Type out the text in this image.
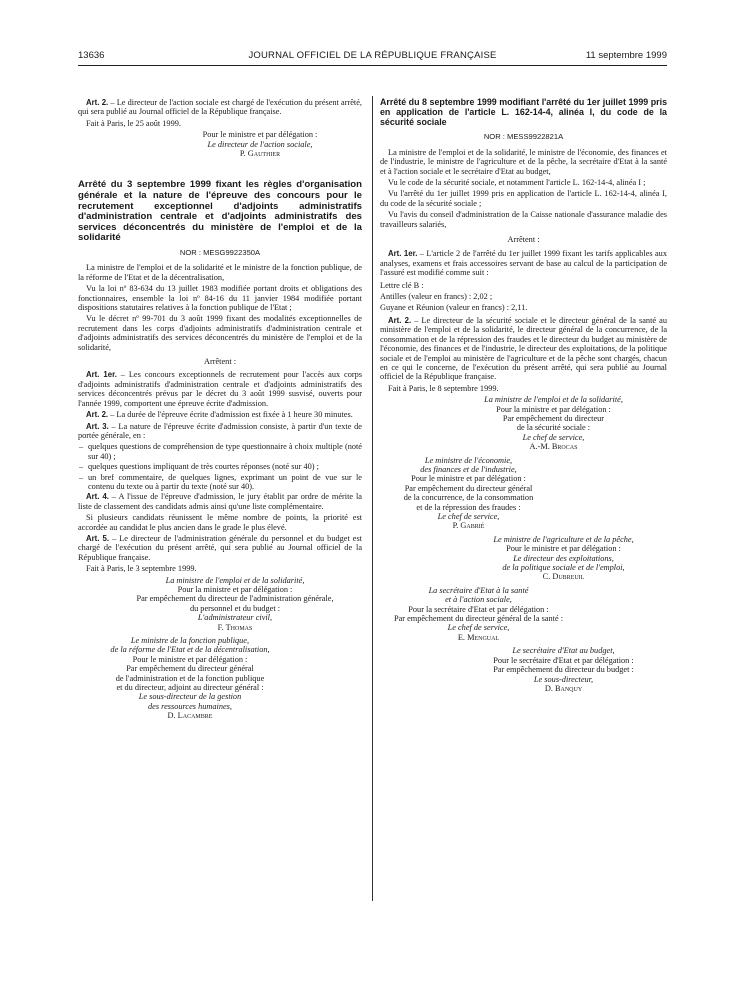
13636	JOURNAL OFFICIEL DE LA RÉPUBLIQUE FRANÇAISE	11 septembre 1999

Art. 2. – Le directeur de l'action sociale est chargé de l'exécution du présent arrêté, qui sera publié au Journal officiel de la République française.

Fait à Paris, le 25 août 1999.

Pour le ministre et par délégation :

Le directeur de l'action sociale,

P. Gauthier

Arrêté du 3 septembre 1999 fixant les règles d'organisation générale et la nature de l'épreuve des concours pour le recrutement exceptionnel d'adjoints administratifs d'administration centrale et d'adjoints administratifs des services déconcentrés du ministère de l'emploi et de la solidarité
NOR : MESG9922350A

La ministre de l'emploi et de la solidarité et le ministre de la fonction publique, de la réforme de l'Etat et de la décentralisation,

Vu la loi nº 83-634 du 13 juillet 1983 modifiée portant droits et obligations des fonctionnaires, ensemble la loi nº 84-16 du 11 janvier 1984 modifiée portant dispositions statutaires relatives à la fonction publique de l'Etat ;

Vu le décret nº 99-701 du 3 août 1999 fixant des modalités exceptionnelles de recrutement dans les corps d'adjoints administratifs d'administration centrale et d'adjoints administratifs des services déconcentrés du ministère de l'emploi et de la solidarité,

Arrêtent :

Art. 1er. – Les concours exceptionnels de recrutement pour l'accès aux corps d'adjoints administratifs d'administration centrale et d'adjoints administratifs des services déconcentrés prévus par le décret du 3 août 1999 susvisé, ouverts pour l'année 1999, comportent une épreuve écrite d'admission.

Art. 2. – La durée de l'épreuve écrite d'admission est fixée à 1 heure 30 minutes.

Art. 3. – La nature de l'épreuve écrite d'admission consiste, à partir d'un texte de portée générale, en :

– quelques questions de compréhension de type questionnaire à choix multiple (noté sur 40) ;

– quelques questions impliquant de très courtes réponses (noté sur 40) ;

– un bref commentaire, de quelques lignes, exprimant un point de vue sur le contenu du texte ou à partir du texte (noté sur 40).

Art. 4. – A l'issue de l'épreuve d'admission, le jury établit par ordre de mérite la liste de classement des candidats admis ainsi qu'une liste complémentaire.

Si plusieurs candidats réunissent le même nombre de points, la priorité est accordée au candidat le plus ancien dans le grade le plus élevé.

Art. 5. – Le directeur de l'administration générale du personnel et du budget est chargé de l'exécution du présent arrêté, qui sera publié au Journal officiel de la République française.

Fait à Paris, le 3 septembre 1999.

La ministre de l'emploi et de la solidarité,

Pour la ministre et par délégation :

Par empêchement du directeur de l'administration générale,

du personnel et du budget :

L'administrateur civil,

F. Thomas

Le ministre de la fonction publique,

de la réforme de l'Etat et de la décentralisation,

Pour le ministre et par délégation :

Par empêchement du directeur général

de l'administration et de la fonction publique

et du directeur, adjoint au directeur général :

Le sous-directeur de la gestion

des ressources humaines,

D. Lacambre

Arrêté du 8 septembre 1999 modifiant l'arrêté du 1er juillet 1999 pris en application de l'article L. 162-14-4, alinéa I, du code de la sécurité sociale
NOR : MESS9922821A

La ministre de l'emploi et de la solidarité, le ministre de l'économie, des finances et de l'industrie, le ministre de l'agriculture et de la pêche, la secrétaire d'Etat à la santé et à l'action sociale et le secrétaire d'Etat au budget,

Vu le code de la sécurité sociale, et notamment l'article L. 162-14-4, alinéa I ;

Vu l'arrêté du 1er juillet 1999 pris en application de l'article L. 162-14-4, alinéa I, du code de la sécurité sociale ;

Vu l'avis du conseil d'administration de la Caisse nationale d'assurance maladie des travailleurs salariés,

Arrêtent :

Art. 1er. – L'article 2 de l'arrêté du 1er juillet 1999 fixant les tarifs applicables aux analyses, examens et frais accessoires servant de base au calcul de la participation de l'assuré est modifié comme suit :

Lettre clé B :

Antilles (valeur en francs) : 2,02 ;

Guyane et Réunion (valeur en francs) : 2,11.

Art. 2. – Le directeur de la sécurité sociale et le directeur général de la santé au ministère de l'emploi et de la solidarité, le directeur général de la concurrence, de la consommation et de la répression des fraudes et le directeur du budget au ministère de l'économie, des finances et de l'industrie, le directeur des exploitations, de la politique sociale et de l'emploi au ministère de l'agriculture et de la pêche sont chargés, chacun en ce qui le concerne, de l'exécution du présent arrêté, qui sera publié au Journal officiel de la République française.

Fait à Paris, le 8 septembre 1999.

La ministre de l'emploi et de la solidarité,

Pour la ministre et par délégation :

Par empêchement du directeur

de la sécurité sociale :

Le chef de service,

A.-M. Brocas

Le ministre de l'économie,

des finances et de l'industrie,

Pour le ministre et par délégation :

Par empêchement du directeur général

de la concurrence, de la consommation

et de la répression des fraudes :

Le chef de service,

P. Gabrié

Le ministre de l'agriculture et de la pêche,

Pour le ministre et par délégation :

Le directeur des exploitations,

de la politique sociale et de l'emploi,

C. Dubreuil

La secrétaire d'Etat à la santé

et à l'action sociale,

Pour la secrétaire d'Etat et par délégation :

Par empêchement du directeur général de la santé :

Le chef de service,

E. Mengual

Le secrétaire d'Etat au budget,

Pour le secrétaire d'Etat et par délégation :

Par empêchement du directeur du budget :

Le sous-directeur,

D. Banquy
